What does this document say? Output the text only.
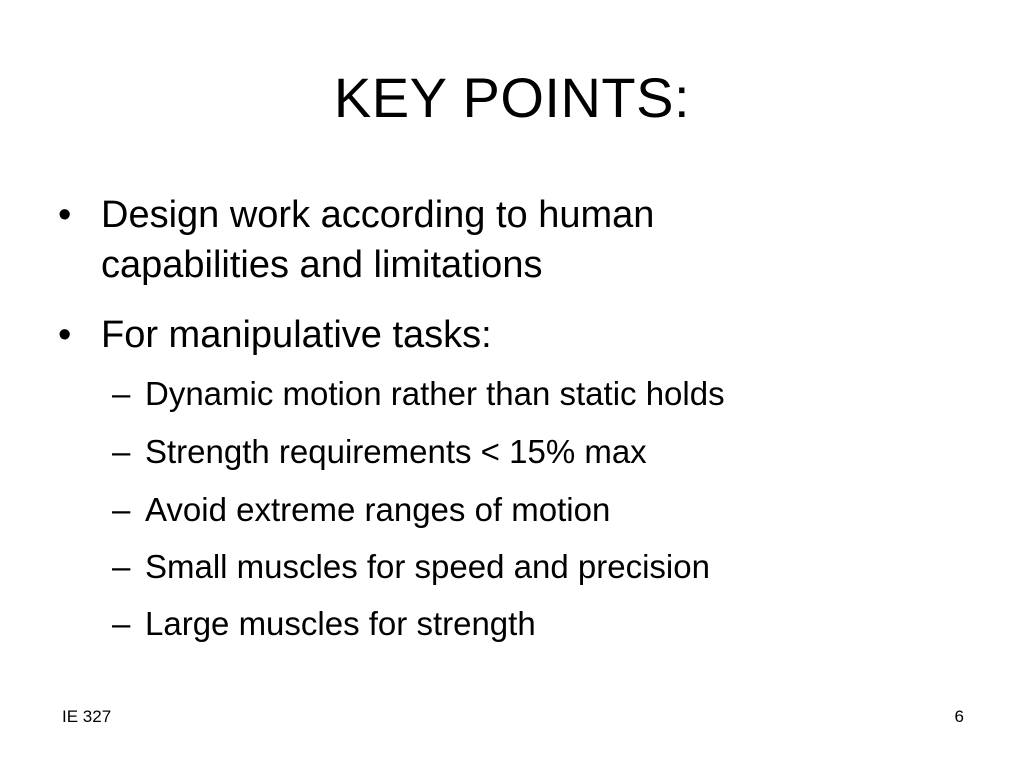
KEY POINTS:
• Design work according to human capabilities and limitations
• For manipulative tasks:
– Dynamic motion rather than static holds
– Strength requirements < 15% max
– Avoid extreme ranges of motion
– Small muscles for speed and precision
– Large muscles for strength
IE 327	6
